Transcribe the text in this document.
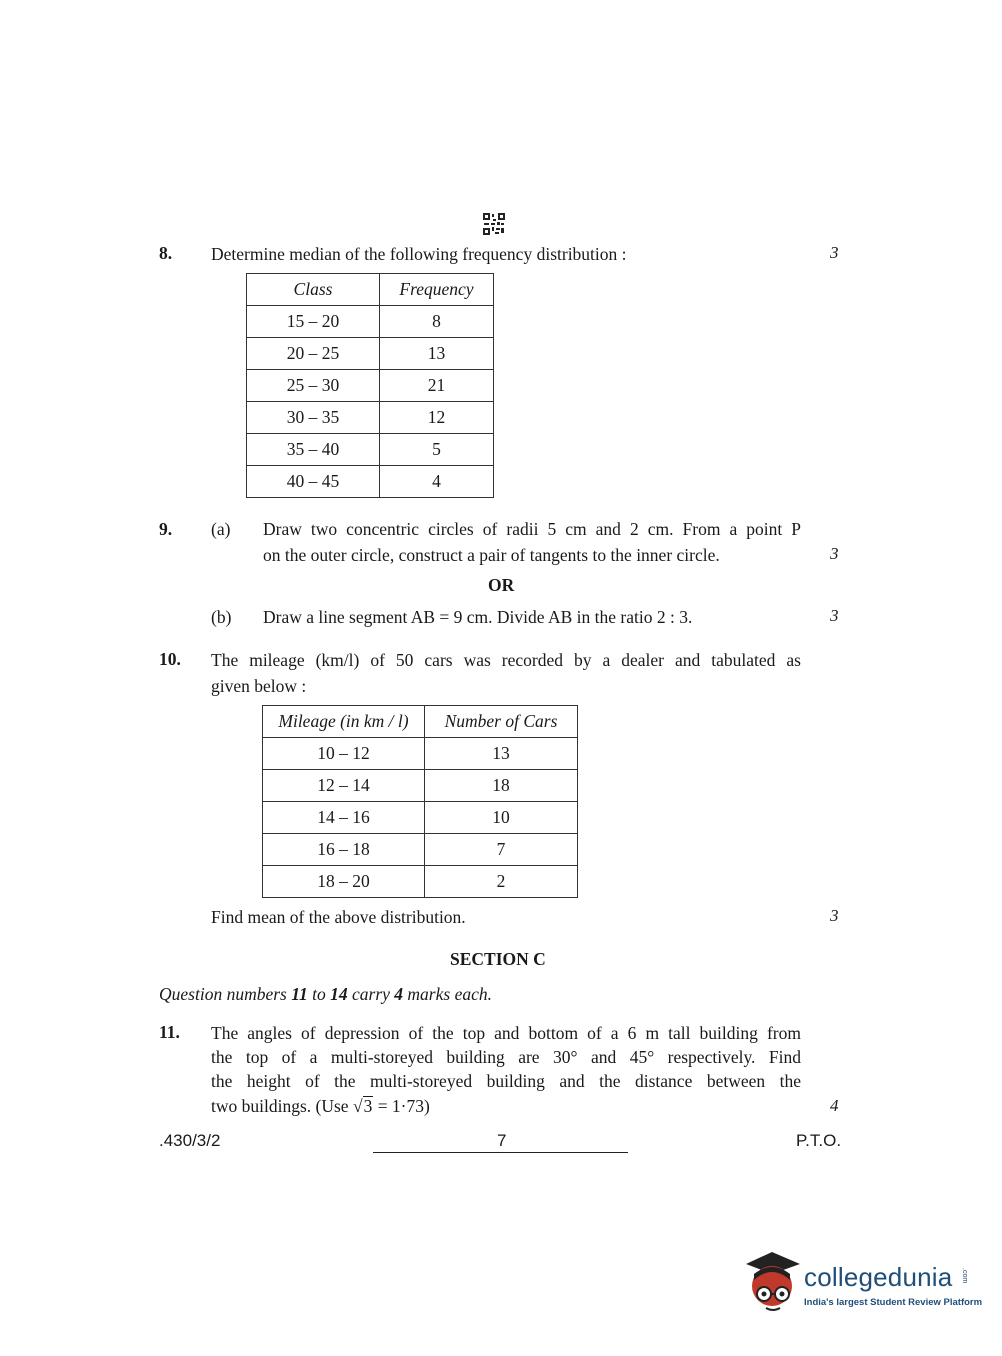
8. Determine median of the following frequency distribution :	3
Class	Frequency
15 – 20	8
20 – 25	13
25 – 30	21
30 – 35	12
35 – 40	5
40 – 45	4
9. (a) Draw two concentric circles of radii 5 cm and 2 cm. From a point P
on the outer circle, construct a pair of tangents to the inner circle.	3
OR
(b) Draw a line segment AB = 9 cm. Divide AB in the ratio 2 : 3.	3
10. The mileage (km/l) of 50 cars was recorded by a dealer and tabulated as
given below :
Mileage (in km / l)	Number of Cars
10 – 12	13
12 – 14	18
14 – 16	10
16 – 18	7
18 – 20	2
Find mean of the above distribution.	3
SECTION C
Question numbers 11 to 14 carry 4 marks each.
11. The angles of depression of the top and bottom of a 6 m tall building from
the top of a multi-storeyed building are 30° and 45° respectively. Find
the height of the multi-storeyed building and the distance between the
two buildings. (Use √3 = 1·73)	4
.430/3/2	7	P.T.O.
collegedunia .com
India's largest Student Review Platform
